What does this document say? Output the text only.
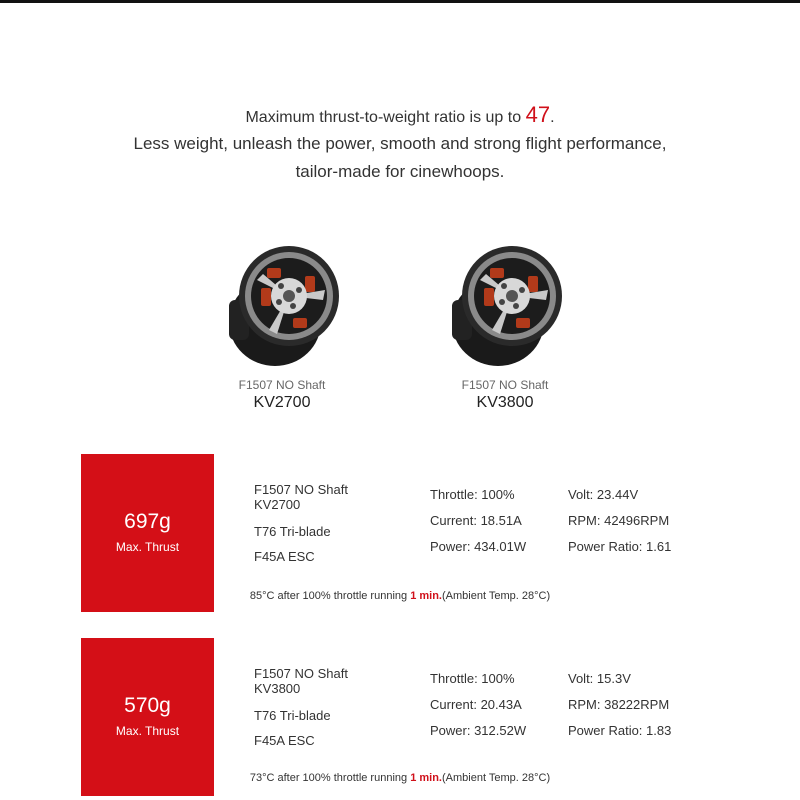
Maximum thrust-to-weight ratio is up to 47.
Less weight, unleash the power, smooth and strong flight performance,
tailor-made for cinewhoops.
F1507 NO Shaft
KV2700
F1507 NO Shaft
KV3800
697g
Max. Thrust
F1507 NO Shaft
KV2700
T76 Tri-blade
F45A ESC
Throttle: 100%
Current: 18.51A
Power: 434.01W
Volt: 23.44V
RPM: 42496RPM
Power Ratio: 1.61
85°C after 100% throttle running 1 min.(Ambient Temp. 28°C)
570g
Max. Thrust
F1507 NO Shaft
KV3800
T76 Tri-blade
F45A ESC
Throttle: 100%
Current: 20.43A
Power: 312.52W
Volt: 15.3V
RPM: 38222RPM
Power Ratio: 1.83
73°C after 100% throttle running 1 min.(Ambient Temp. 28°C)
